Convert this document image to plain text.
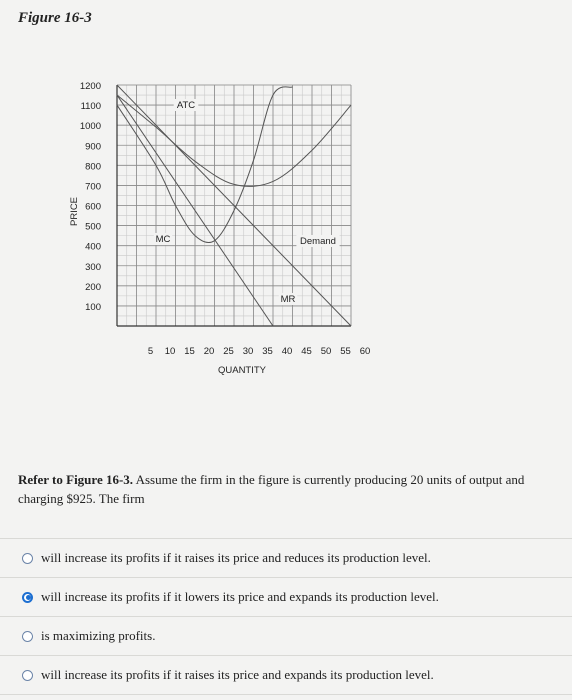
Figure 16-3
100
200
300
400
500
600
700
800
900
1000
1100
1200
5 10 15 20 25 30 35 40 45 50 55 60
QUANTITY
PRICE
ATC
MC	Demand
MR
Refer to Figure 16-3. Assume the firm in the figure is currently producing 20 units of output and charging $925. The firm
will increase its profits if it raises its price and reduces its production level.
will increase its profits if it lowers its price and expands its production level.
is maximizing profits.
will increase its profits if it raises its price and expands its production level.
